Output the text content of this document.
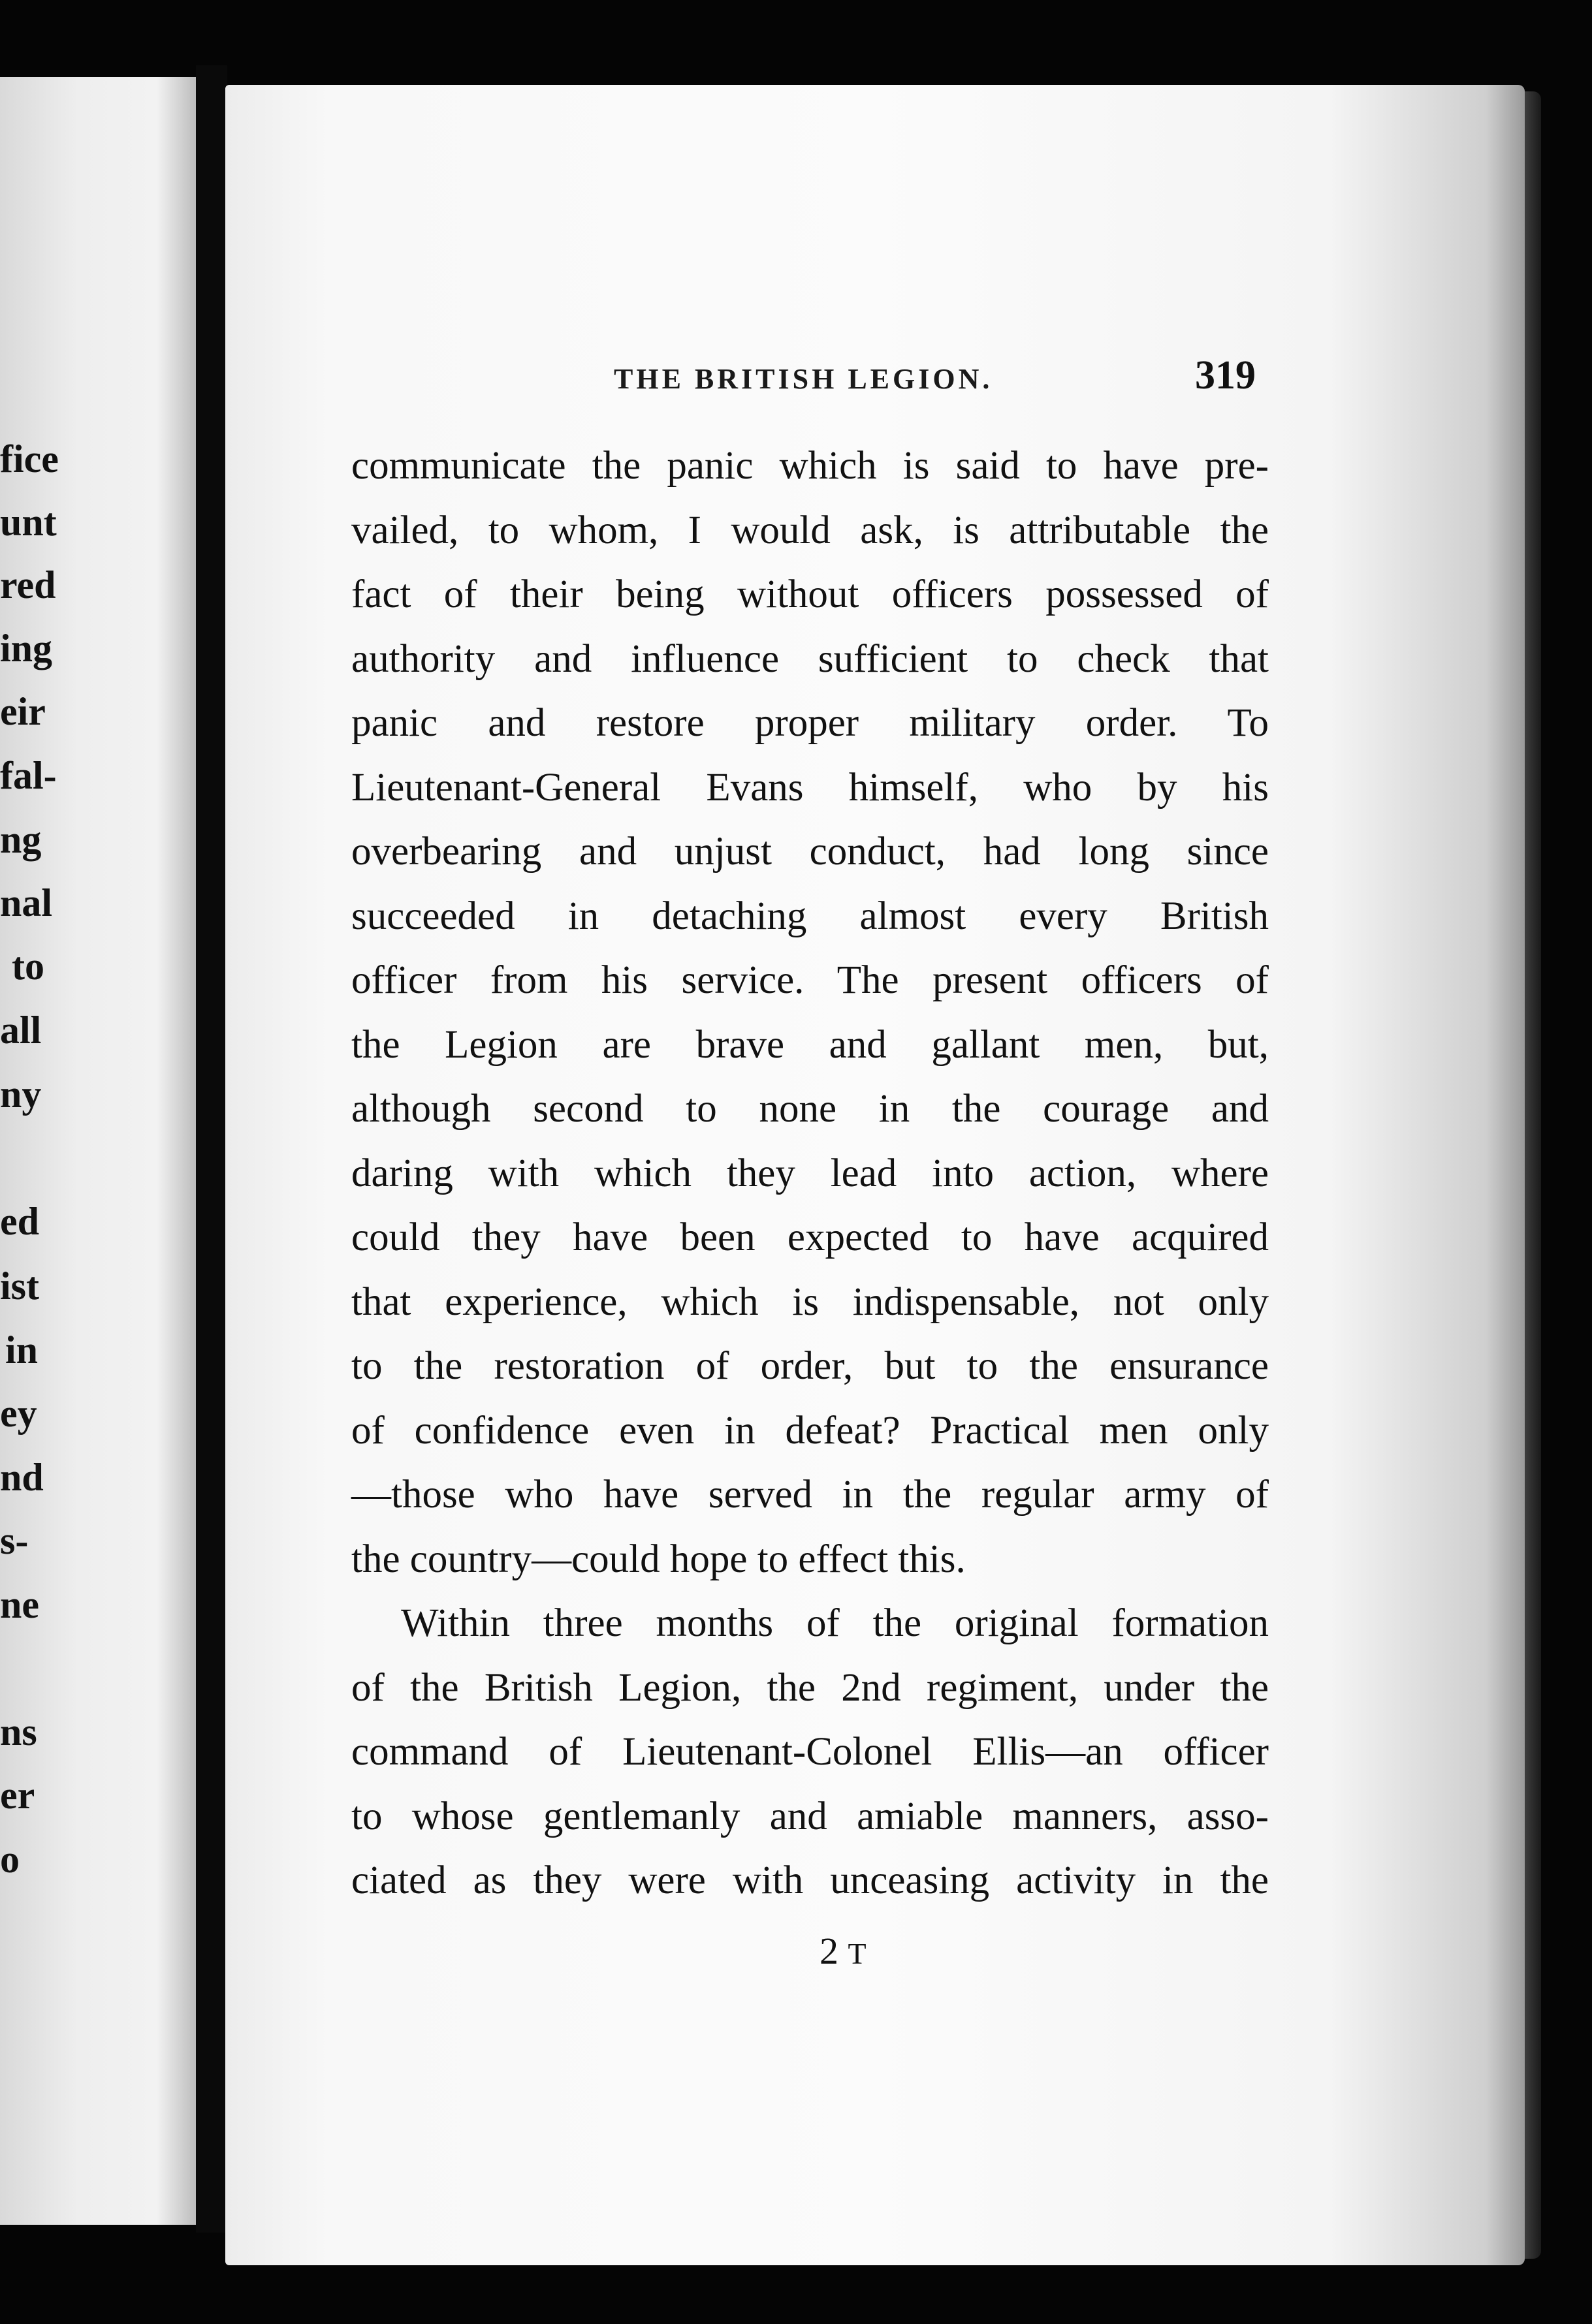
fice
unt
red
ing
eir
fal-
ng
nal
to
all
ny
ed
ist
in
ey
nd
s-
ne
ns
er
o
THE BRITISH LEGION.	319
communicate the panic which is said to have pre-
vailed, to whom, I would ask, is attributable the
fact of their being without officers possessed of
authority and influence sufficient to check that
panic and restore proper military order. To
Lieutenant-General Evans himself, who by his
overbearing and unjust conduct, had long since
succeeded in detaching almost every British
officer from his service. The present officers of
the Legion are brave and gallant men, but,
although second to none in the courage and
daring with which they lead into action, where
could they have been expected to have acquired
that experience, which is indispensable, not only
to the restoration of order, but to the ensurance
of confidence even in defeat? Practical men only
—those who have served in the regular army of
the country—could hope to effect this.
Within three months of the original formation
of the British Legion, the 2nd regiment, under the
command of Lieutenant-Colonel Ellis—an officer
to whose gentlemanly and amiable manners, asso-
ciated as they were with unceasing activity in the
2 T
